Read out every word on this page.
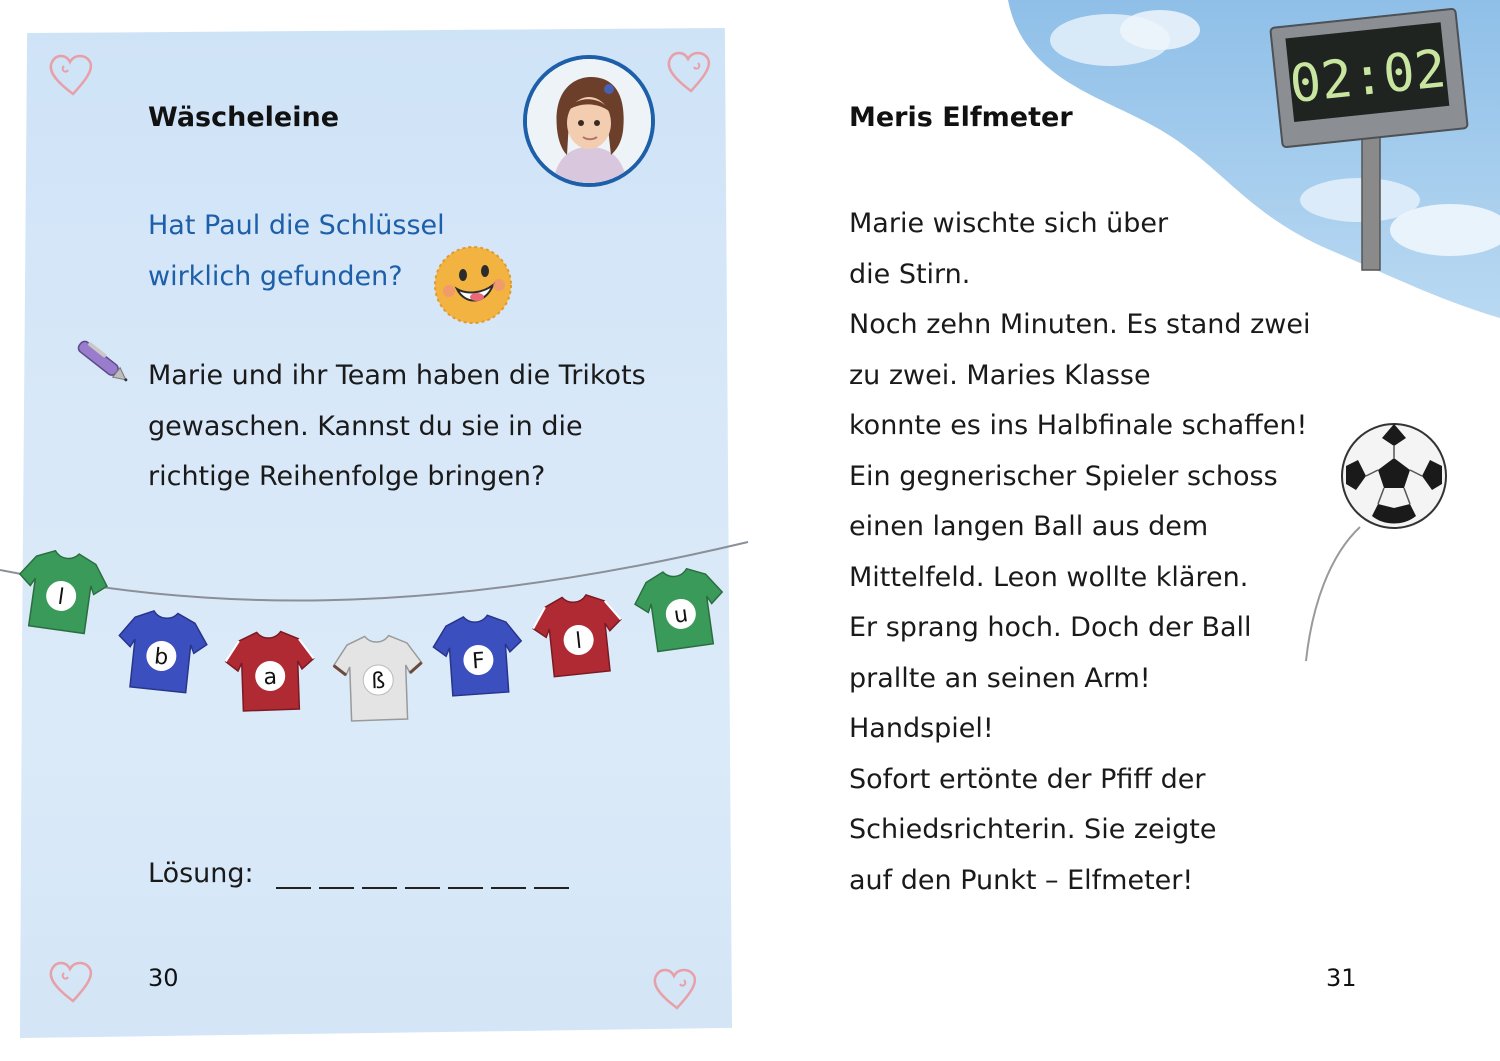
Wäscheleine
Hat Paul die Schlüssel
wirklich gefunden?
Marie und ihr Team haben die Trikots
gewaschen. Kannst du sie in die
richtige Reihenfolge bringen?
l
b
a	ß
F
l
u
Lösung:
30
02:02
Meris Elfmeter
Marie wischte sich über
die Stirn.
Noch zehn Minuten. Es stand zwei
zu zwei. Maries Klasse
konnte es ins Halbfinale schaffen!
Ein gegnerischer Spieler schoss
einen langen Ball aus dem
Mittelfeld. Leon wollte klären.
Er sprang hoch. Doch der Ball
prallte an seinen Arm!
Handspiel!
Sofort ertönte der Pfiff der
Schiedsrichterin. Sie zeigte
auf den Punkt – Elfmeter!
31
